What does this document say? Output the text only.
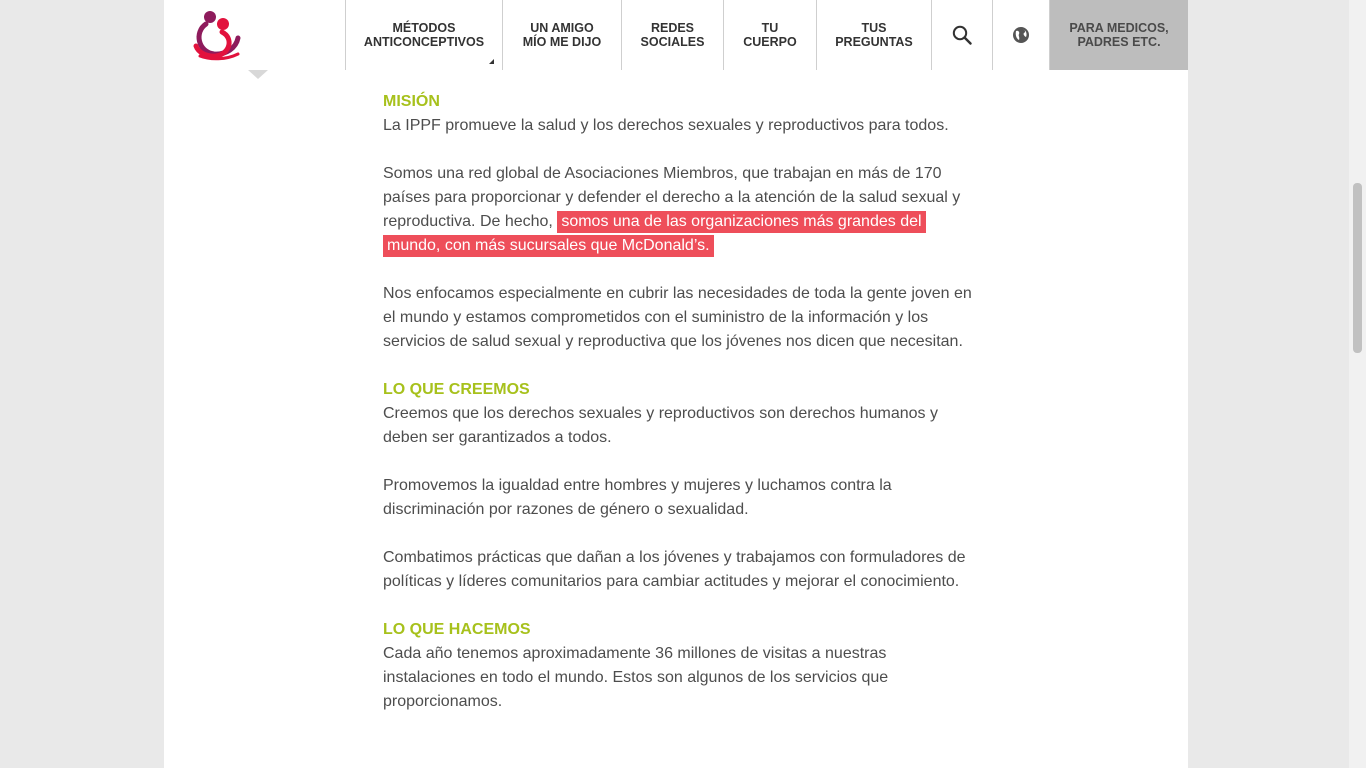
MÉTODOS
ANTICONCEPTIVOS
UN AMIGO
MÍO ME DIJO
REDES
SOCIALES
TU
CUERPO
TUS
PREGUNTAS
PARA MEDICOS,
PADRES ETC.
MISIÓN

La IPPF promueve la salud y los derechos sexuales y reproductivos para todos.

Somos una red global de Asociaciones Miembros, que trabajan en más de 170 países para proporcionar y defender el derecho a la atención de la salud sexual y reproductiva. De hecho, somos una de las organizaciones más grandes del mundo, con más sucursales que McDonald’s.

Nos enfocamos especialmente en cubrir las necesidades de toda la gente joven en el mundo y estamos comprometidos con el suministro de la información y los servicios de salud sexual y reproductiva que los jóvenes nos dicen que necesitan.

LO QUE CREEMOS

Creemos que los derechos sexuales y reproductivos son derechos humanos y deben ser garantizados a todos.

Promovemos la igualdad entre hombres y mujeres y luchamos contra la discriminación por razones de género o sexualidad.

Combatimos prácticas que dañan a los jóvenes y trabajamos con formuladores de políticas y líderes comunitarios para cambiar actitudes y mejorar el conocimiento.

LO QUE HACEMOS

Cada año tenemos aproximadamente 36 millones de visitas a nuestras instalaciones en todo el mundo. Estos son algunos de los servicios que proporcionamos.
